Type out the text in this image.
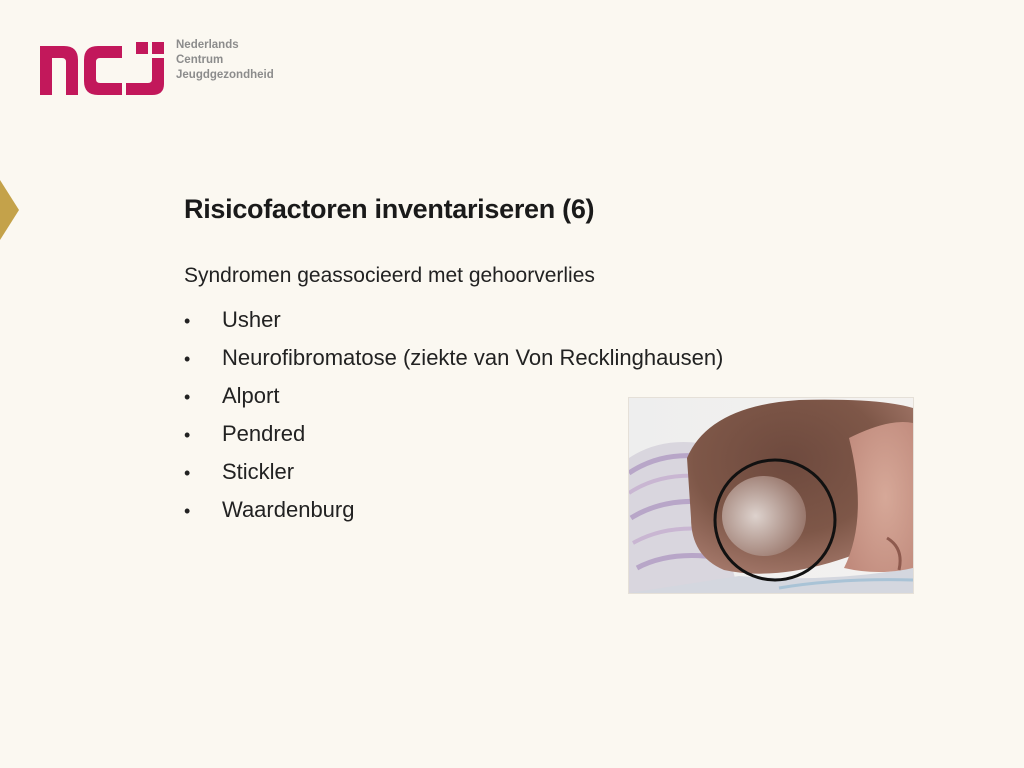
Nederlands
Centrum
Jeugdgezondheid
Risicofactoren inventariseren (6)
Syndromen geassocieerd met gehoorverlies
• Usher
• Neurofibromatose (ziekte van Von Recklinghausen)
• Alport
• Pendred
• Stickler
• Waardenburg
